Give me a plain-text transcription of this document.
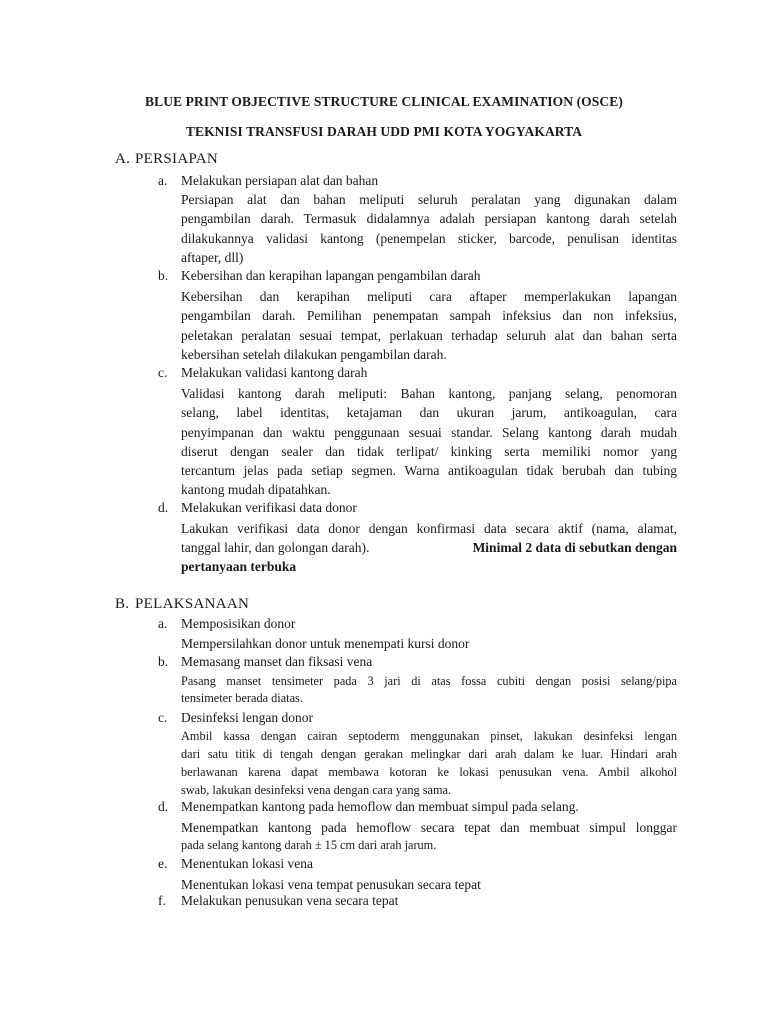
BLUE PRINT OBJECTIVE STRUCTURE CLINICAL EXAMINATION (OSCE)
TEKNISI TRANSFUSI DARAH UDD PMI KOTA YOGYAKARTA
A. PERSIAPAN
a. Melakukan persiapan alat dan bahan
Persiapan alat dan bahan meliputi seluruh peralatan yang digunakan dalam
pengambilan darah. Termasuk didalamnya adalah persiapan kantong darah setelah
dilakukannya validasi kantong (penempelan sticker, barcode, penulisan identitas
aftaper, dll)
b. Kebersihan dan kerapihan lapangan pengambilan darah
Kebersihan dan kerapihan meliputi cara aftaper memperlakukan lapangan
pengambilan darah. Pemilihan penempatan sampah infeksius dan non infeksius,
peletakan peralatan sesuai tempat, perlakuan terhadap seluruh alat dan bahan serta
kebersihan setelah dilakukan pengambilan darah.
c. Melakukan validasi kantong darah
Validasi kantong darah meliputi: Bahan kantong, panjang selang, penomoran
selang, label identitas, ketajaman dan ukuran jarum, antikoagulan, cara
penyimpanan dan waktu penggunaan sesuai standar. Selang kantong darah mudah
diserut dengan sealer dan tidak terlipat/ kinking serta memiliki nomor yang
tercantum jelas pada setiap segmen. Warna antikoagulan tidak berubah dan tubing
kantong mudah dipatahkan.
d. Melakukan verifikasi data donor
Lakukan verifikasi data donor dengan konfirmasi data secara aktif (nama, alamat,
tanggal lahir, dan golongan darah).	Minimal 2 data di sebutkan dengan
pertanyaan terbuka
B. PELAKSANAAN
a. Memposisikan donor
Mempersilahkan donor untuk menempati kursi donor
b. Memasang manset dan fiksasi vena
Pasang manset tensimeter pada 3 jari di atas fossa cubiti dengan posisi selang/pipa
tensimeter berada diatas.
c. Desinfeksi lengan donor
Ambil kassa dengan cairan septoderm menggunakan pinset, lakukan desinfeksi lengan
dari satu titik di tengah dengan gerakan melingkar dari arah dalam ke luar. Hindari arah
berlawanan karena dapat membawa kotoran ke lokasi penusukan vena. Ambil alkohol
swab, lakukan desinfeksi vena dengan cara yang sama.
d. Menempatkan kantong pada hemoflow dan membuat simpul pada selang.
Menempatkan kantong pada hemoflow secara tepat dan membuat simpul longgar
pada selang kantong darah ± 15 cm dari arah jarum.
e. Menentukan lokasi vena
Menentukan lokasi vena tempat penusukan secara tepat
f. Melakukan penusukan vena secara tepat
